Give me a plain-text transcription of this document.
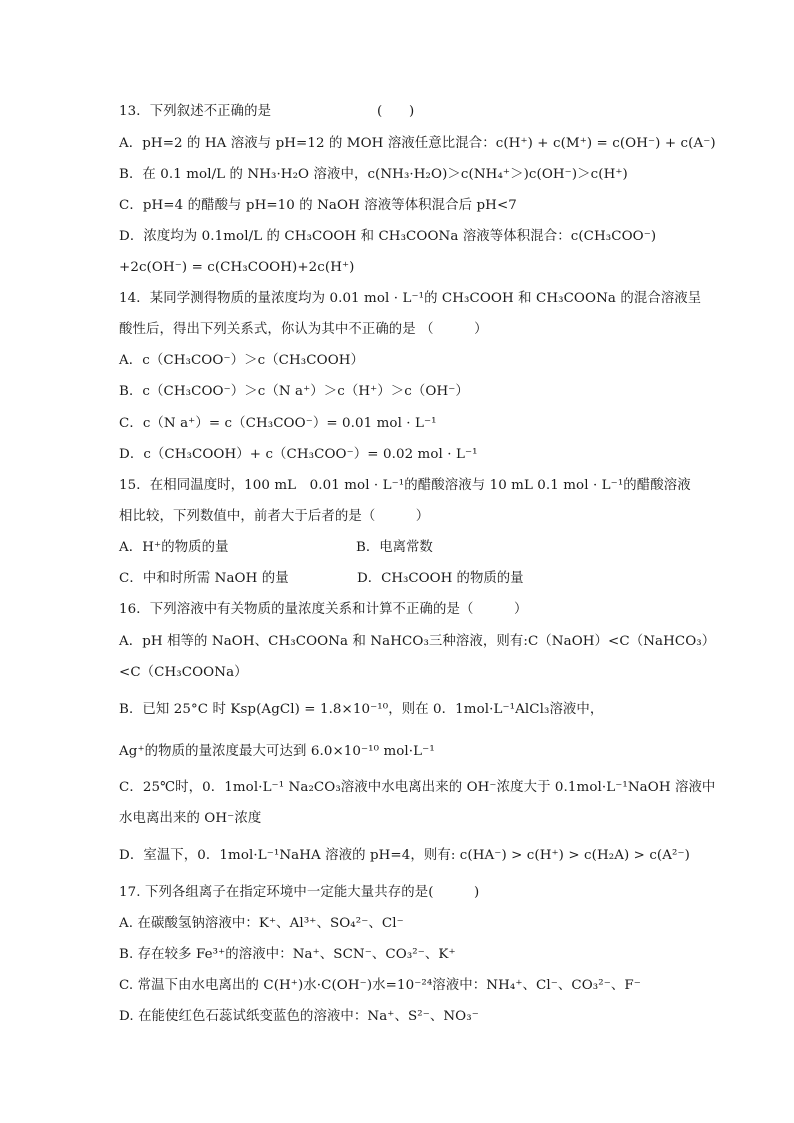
13．下列叙述不正确的是	(　　)
A．pH=2 的 HA 溶液与 pH=12 的 MOH 溶液任意比混合：c(H⁺) + c(M⁺) = c(OH⁻) + c(A⁻)
B．在 0.1 mol/L 的 NH₃·H₂O 溶液中，c(NH₃·H₂O)＞c(NH₄⁺＞)c(OH⁻)＞c(H⁺)
C．pH=4 的醋酸与 pH=10 的 NaOH 溶液等体积混合后 pH<7
D．浓度均为 0.1mol/L 的 CH₃COOH 和 CH₃COONa 溶液等体积混合：c(CH₃COO⁻)
+2c(OH⁻) = c(CH₃COOH)+2c(H⁺)
14．某同学测得物质的量浓度均为 0.01 mol · L⁻¹的 CH₃COOH 和 CH₃COONa 的混合溶液呈
酸性后，得出下列关系式，你认为其中不正确的是 （　　　）
A．c（CH₃COO⁻）＞c（CH₃COOH）
B．c（CH₃COO⁻）＞c（N a⁺）＞c（H⁺）＞c（OH⁻）
C．c（N a⁺）= c（CH₃COO⁻）= 0.01 mol · L⁻¹
D．c（CH₃COOH）+ c（CH₃COO⁻）= 0.02 mol · L⁻¹
15．在相同温度时，100 mL　0.01 mol · L⁻¹的醋酸溶液与 10 mL 0.1 mol · L⁻¹的醋酸溶液
相比较，下列数值中，前者大于后者的是（　　　）
A．H⁺的物质的量	B．电离常数
C．中和时所需 NaOH 的量	D．CH₃COOH 的物质的量
16．下列溶液中有关物质的量浓度关系和计算不正确的是（　　　）
A．pH 相等的 NaOH、CH₃COONa 和 NaHCO₃三种溶液，则有:C（NaOH）<C（NaHCO₃）
<C（CH₃COONa）
B．已知 25°C 时 Ksp(AgCl) = 1.8×10⁻¹⁰，则在 0．1mol·L⁻¹AlCl₃溶液中，
Ag⁺的物质的量浓度最大可达到 6.0×10⁻¹⁰ mol·L⁻¹
C．25℃时，0．1mol·L⁻¹ Na₂CO₃溶液中水电离出来的 OH⁻浓度大于 0.1mol·L⁻¹NaOH 溶液中
水电离出来的 OH⁻浓度
D．室温下，0．1mol·L⁻¹NaHA 溶液的 pH=4，则有: c(HA⁻) > c(H⁺) > c(H₂A) > c(A²⁻)
17. 下列各组离子在指定环境中一定能大量共存的是(　　　)
A. 在碳酸氢钠溶液中：K⁺、Al³⁺、SO₄²⁻、Cl⁻
B. 存在较多 Fe³⁺的溶液中：Na⁺、SCN⁻、CO₃²⁻、K⁺
C. 常温下由水电离出的 C(H⁺)水·C(OH⁻)水=10⁻²⁴溶液中：NH₄⁺、Cl⁻、CO₃²⁻、F⁻
D. 在能使红色石蕊试纸变蓝色的溶液中：Na⁺、S²⁻、NO₃⁻
